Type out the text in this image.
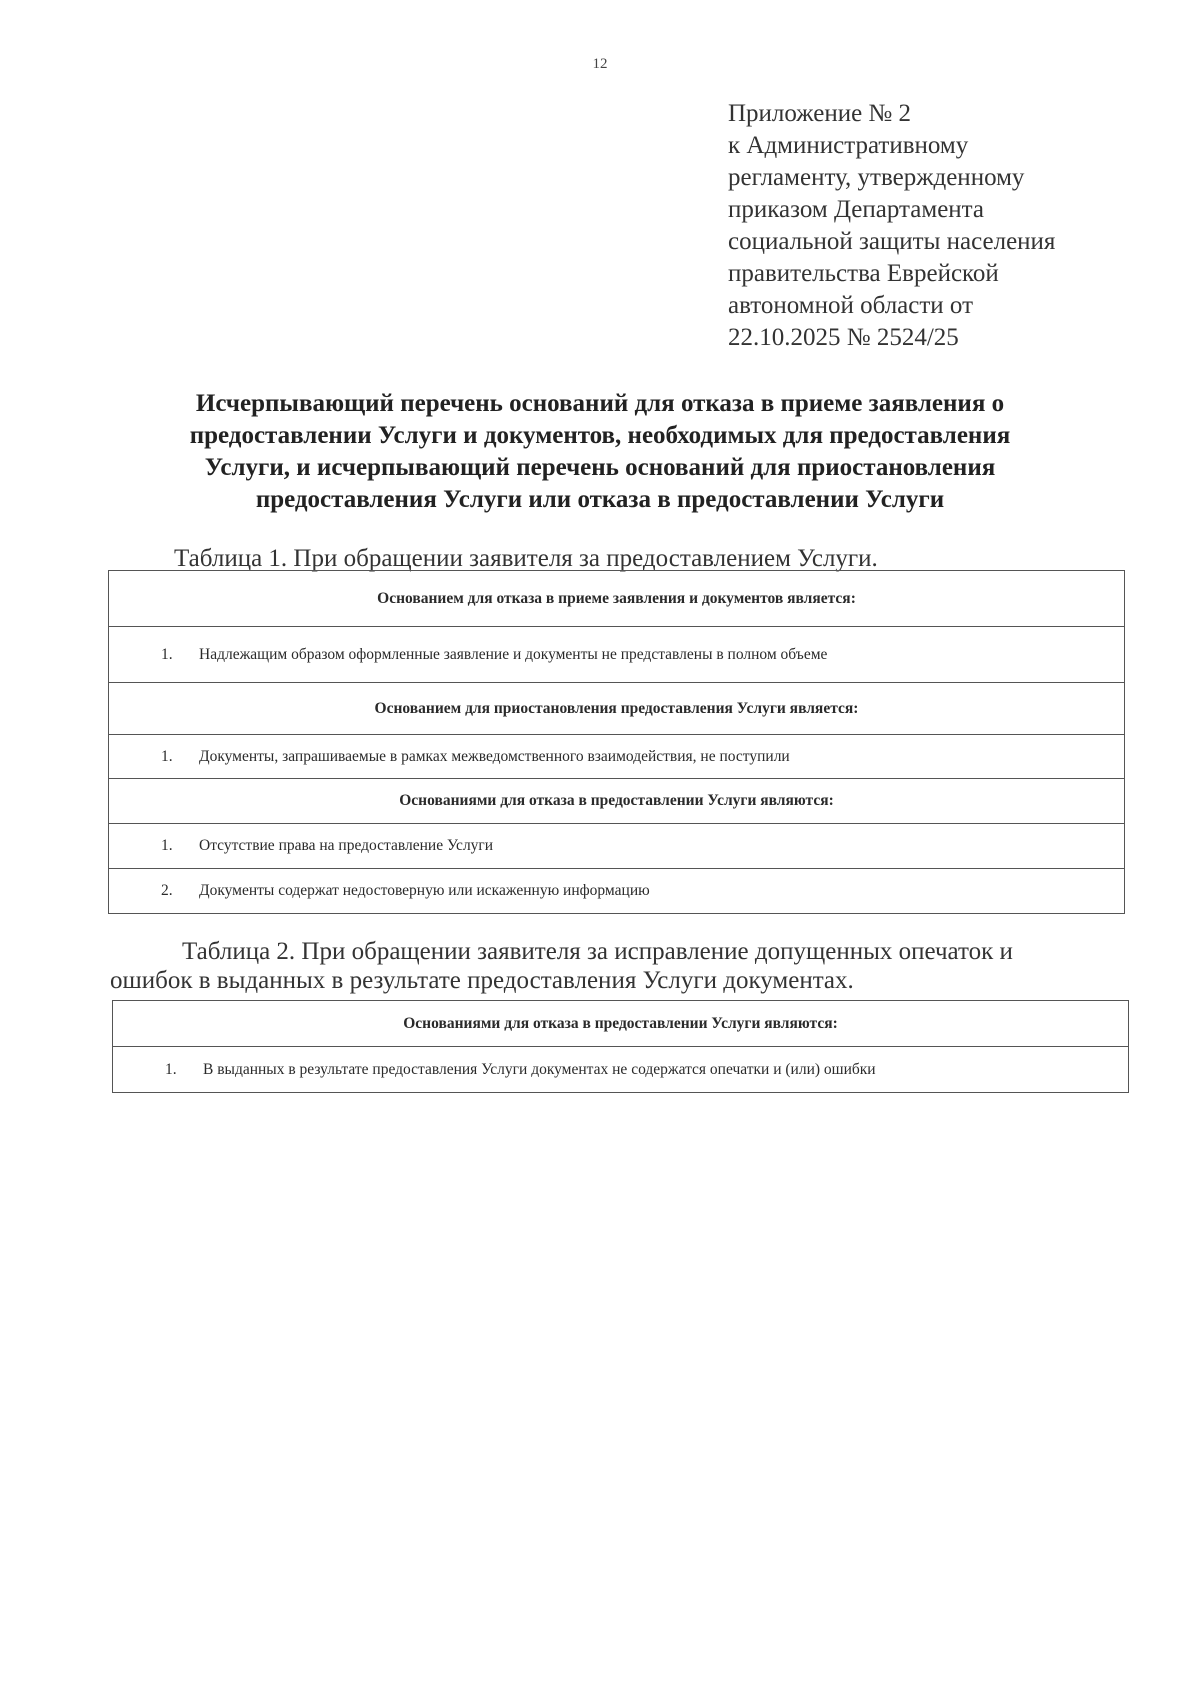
12
Приложение № 2
к Административному
регламенту, утвержденному
приказом Департамента
социальной защиты населения
правительства Еврейской
автономной области от
22.10.2025 № 2524/25
Исчерпывающий перечень оснований для отказа в приеме заявления о
предоставлении Услуги и документов, необходимых для предоставления
Услуги, и исчерпывающий перечень оснований для приостановления
предоставления Услуги или отказа в предоставлении Услуги
Таблица 1. При обращении заявителя за предоставлением Услуги.
Основанием для отказа в приеме заявления и документов является:
1. Надлежащим образом оформленные заявление и документы не представлены в полном объеме
Основанием для приостановления предоставления Услуги является:
1. Документы, запрашиваемые в рамках межведомственного взаимодействия, не поступили
Основаниями для отказа в предоставлении Услуги являются:
1. Отсутствие права на предоставление Услуги
2. Документы содержат недостоверную или искаженную информацию
Таблица 2. При обращении заявителя за исправление допущенных опечаток и
ошибок в выданных в результате предоставления Услуги документах.
Основаниями для отказа в предоставлении Услуги являются:
1. В выданных в результате предоставления Услуги документах не содержатся опечатки и (или) ошибки
